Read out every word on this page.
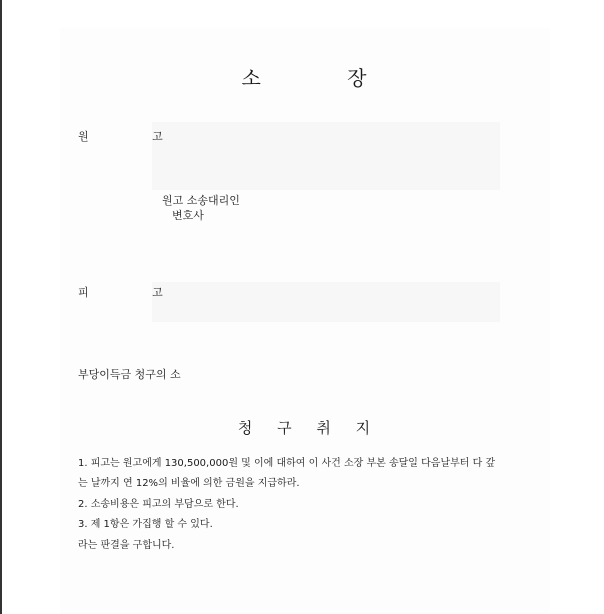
소 장
원 고
원고 소송대리인
변호사
피 고
부당이득금 청구의 소
청 구 취 지
1. 피고는 원고에게 130,500,000원 및 이에 대하여 이 사건 소장 부본 송달일 다음날부터 다 갚
는 날까지 연 12%의 비율에 의한 금원을 지급하라.
2. 소송비용은 피고의 부담으로 한다.
3. 제 1항은 가집행 할 수 있다.
라는 판결을 구합니다.
